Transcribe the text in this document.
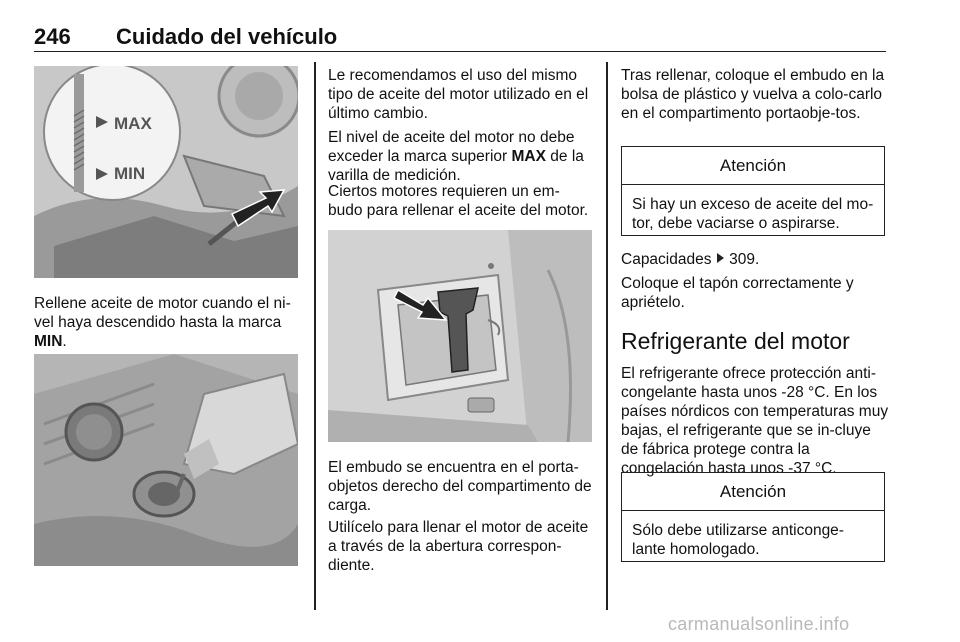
246 Cuidado del vehículo
MAX
MIN
Rellene aceite de motor cuando el ni-vel haya descendido hasta la marca MIN.
Le recomendamos el uso del mismo tipo de aceite del motor utilizado en el último cambio.
El nivel de aceite del motor no debe exceder la marca superior MAX de la varilla de medición.
Ciertos motores requieren un em-budo para rellenar el aceite del motor.
El embudo se encuentra en el porta-objetos derecho del compartimento de carga.
Utilícelo para llenar el motor de aceite a través de la abertura correspon-diente.
Tras rellenar, coloque el embudo en la bolsa de plástico y vuelva a colo-carlo en el compartimento portaobje-tos.
Atención
Si hay un exceso de aceite del mo-tor, debe vaciarse o aspirarse.
Capacidades 309.
Coloque el tapón correctamente y apriételo.
Refrigerante del motor
El refrigerante ofrece protección anti-congelante hasta unos -28 °C. En los países nórdicos con temperaturas muy bajas, el refrigerante que se in-cluye de fábrica protege contra la congelación hasta unos -37 °C.
Atención
Sólo debe utilizarse anticonge-lante homologado.
carmanualsonline.info
